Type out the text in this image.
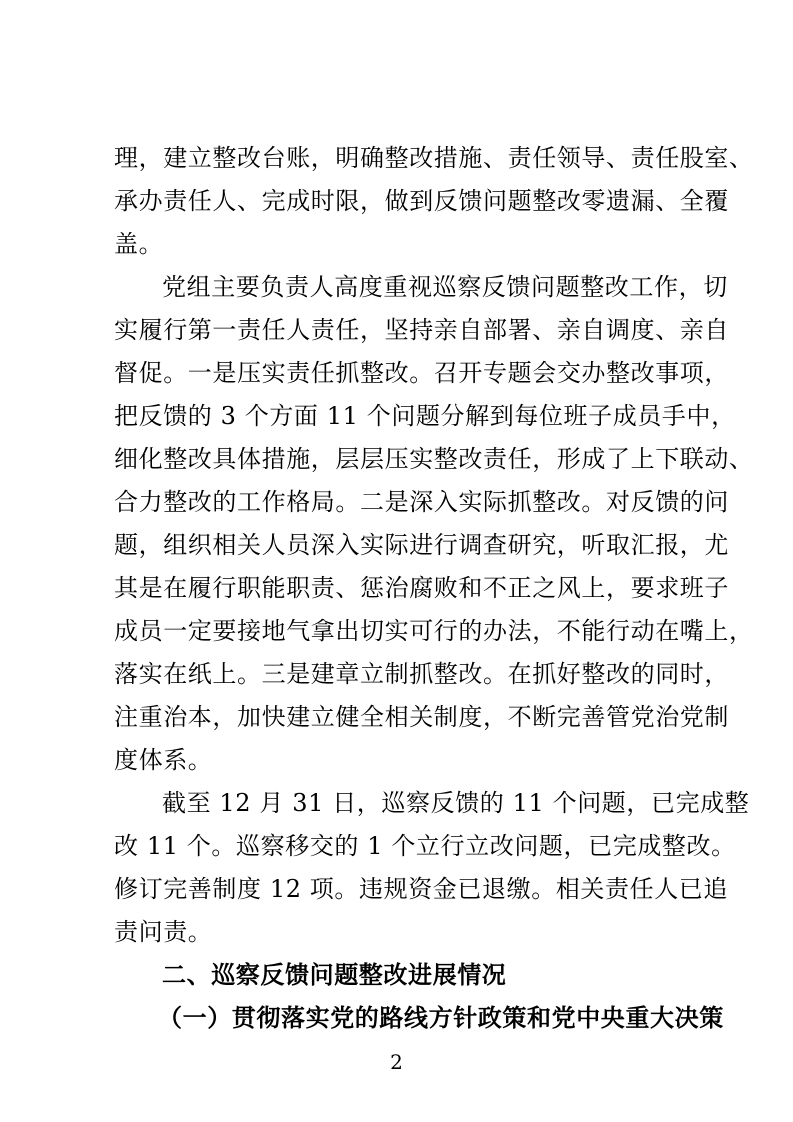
理，建立整改台账，明确整改措施、责任领导、责任股室、
承办责任人、完成时限，做到反馈问题整改零遗漏、全覆
盖。
党组主要负责人高度重视巡察反馈问题整改工作，切
实履行第一责任人责任，坚持亲自部署、亲自调度、亲自
督促。一是压实责任抓整改。召开专题会交办整改事项，
把反馈的 3 个方面 11 个问题分解到每位班子成员手中，
细化整改具体措施，层层压实整改责任，形成了上下联动、
合力整改的工作格局。二是深入实际抓整改。对反馈的问
题，组织相关人员深入实际进行调查研究，听取汇报，尤
其是在履行职能职责、惩治腐败和不正之风上，要求班子
成员一定要接地气拿出切实可行的办法，不能行动在嘴上，
落实在纸上。三是建章立制抓整改。在抓好整改的同时，
注重治本，加快建立健全相关制度，不断完善管党治党制
度体系。
截至 12 月 31 日，巡察反馈的 11 个问题，已完成整
改 11 个。巡察移交的 1 个立行立改问题，已完成整改。
修订完善制度 12 项。违规资金已退缴。相关责任人已追
责问责。
二、巡察反馈问题整改进展情况
（一）贯彻落实党的路线方针政策和党中央重大决策
2
